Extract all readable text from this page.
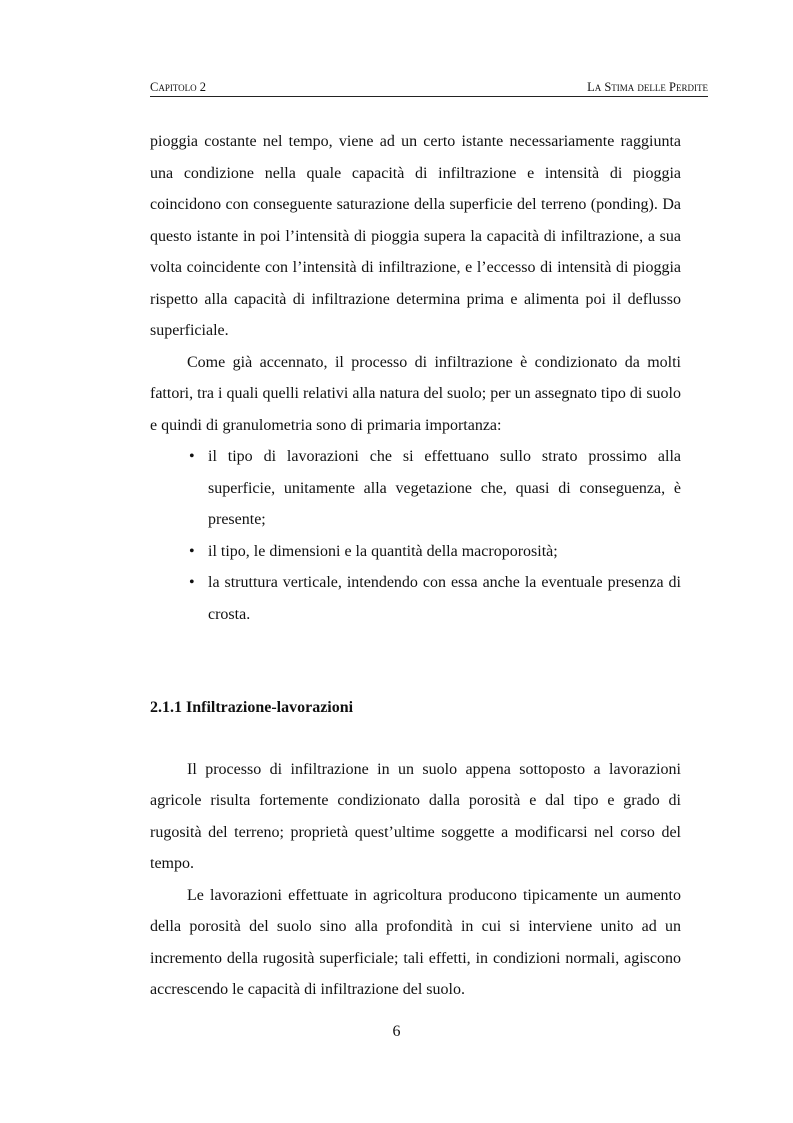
Capitolo 2	La Stima delle Perdite

pioggia costante nel tempo, viene ad un certo istante necessariamente raggiunta una condizione nella quale capacità di infiltrazione e intensità di pioggia coincidono con conseguente saturazione della superficie del terreno (ponding). Da questo istante in poi l’intensità di pioggia supera la capacità di infiltrazione, a sua volta coincidente con l’intensità di infiltrazione, e l’eccesso di intensità di pioggia rispetto alla capacità di infiltrazione determina prima e alimenta poi il deflusso superficiale.

Come già accennato, il processo di infiltrazione è condizionato da molti fattori, tra i quali quelli relativi alla natura del suolo; per un assegnato tipo di suolo e quindi di granulometria sono di primaria importanza:

• il tipo di lavorazioni che si effettuano sullo strato prossimo alla superficie, unitamente alla vegetazione che, quasi di conseguenza, è presente;
• il tipo, le dimensioni e la quantità della macroporosità;
• la struttura verticale, intendendo con essa anche la eventuale presenza di crosta.
2.1.1 Infiltrazione-lavorazioni

Il processo di infiltrazione in un suolo appena sottoposto a lavorazioni agricole risulta fortemente condizionato dalla porosità e dal tipo e grado di rugosità del terreno; proprietà quest’ultime soggette a modificarsi nel corso del tempo.

Le lavorazioni effettuate in agricoltura producono tipicamente un aumento della porosità del suolo sino alla profondità in cui si interviene unito ad un incremento della rugosità superficiale; tali effetti, in condizioni normali, agiscono accrescendo le capacità di infiltrazione del suolo.

6
